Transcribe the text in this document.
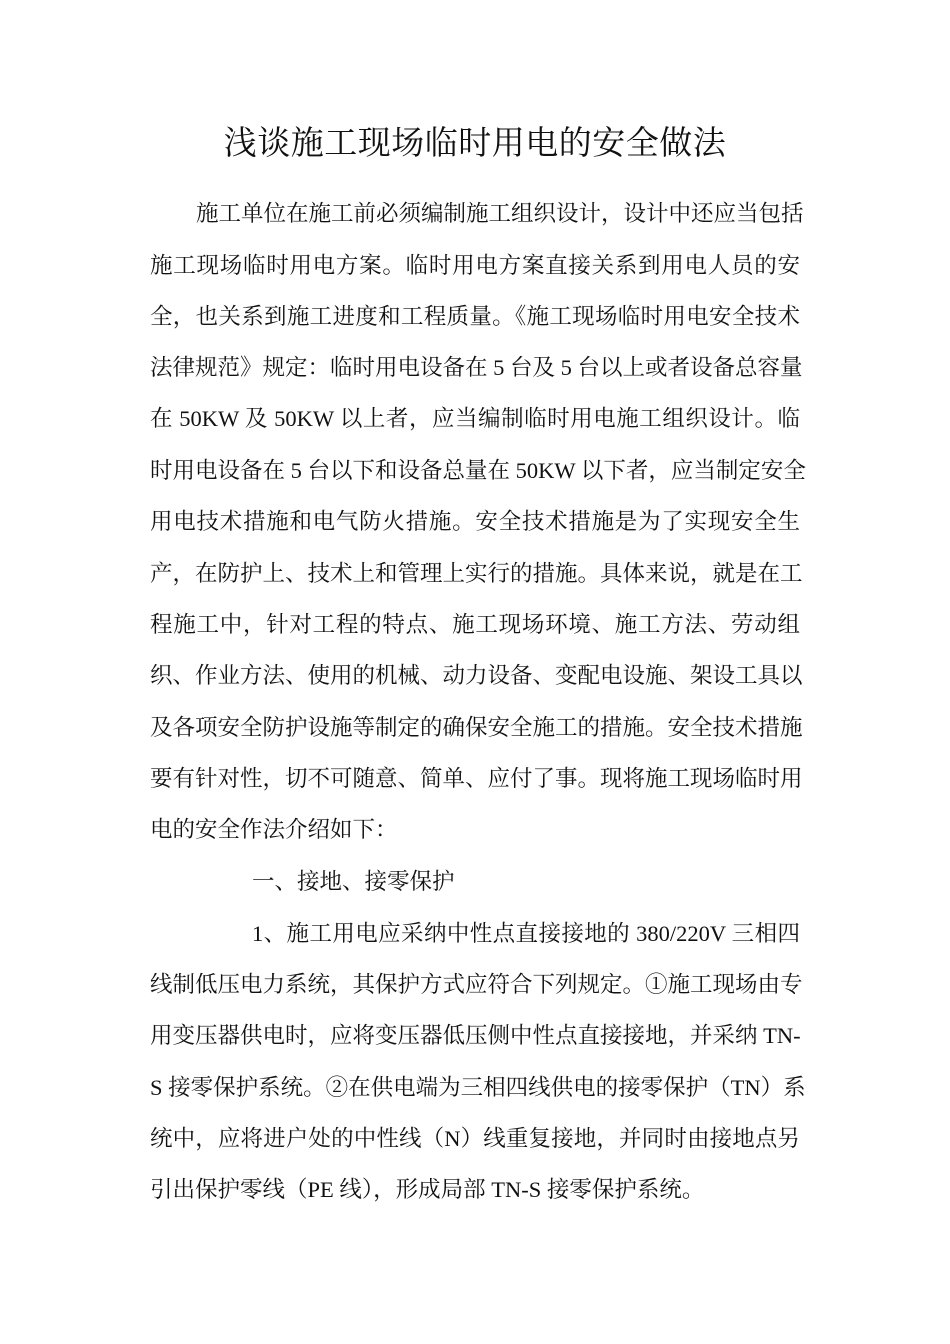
浅谈施工现场临时用电的安全做法

施工单位在施工前必须编制施工组织设计，设计中还应当包括

施工现场临时用电方案。临时用电方案直接关系到用电人员的安

全，也关系到施工进度和工程质量。《施工现场临时用电安全技术

法律规范》规定：临时用电设备在 5 台及 5 台以上或者设备总容量

在 50KW 及 50KW 以上者，应当编制临时用电施工组织设计。临

时用电设备在 5 台以下和设备总量在 50KW 以下者，应当制定安全

用电技术措施和电气防火措施。安全技术措施是为了实现安全生

产，在防护上、技术上和管理上实行的措施。具体来说，就是在工

程施工中，针对工程的特点、施工现场环境、施工方法、劳动组

织、作业方法、使用的机械、动力设备、变配电设施、架设工具以

及各项安全防护设施等制定的确保安全施工的措施。安全技术措施

要有针对性，切不可随意、简单、应付了事。现将施工现场临时用

电的安全作法介绍如下：

一、接地、接零保护

1、施工用电应采纳中性点直接接地的 380/220V 三相四

线制低压电力系统，其保护方式应符合下列规定。①施工现场由专

用变压器供电时，应将变压器低压侧中性点直接接地，并采纳 TN-

S 接零保护系统。②在供电端为三相四线供电的接零保护（TN）系

统中，应将进户处的中性线（N）线重复接地，并同时由接地点另

引出保护零线（PE 线），形成局部 TN-S 接零保护系统。
